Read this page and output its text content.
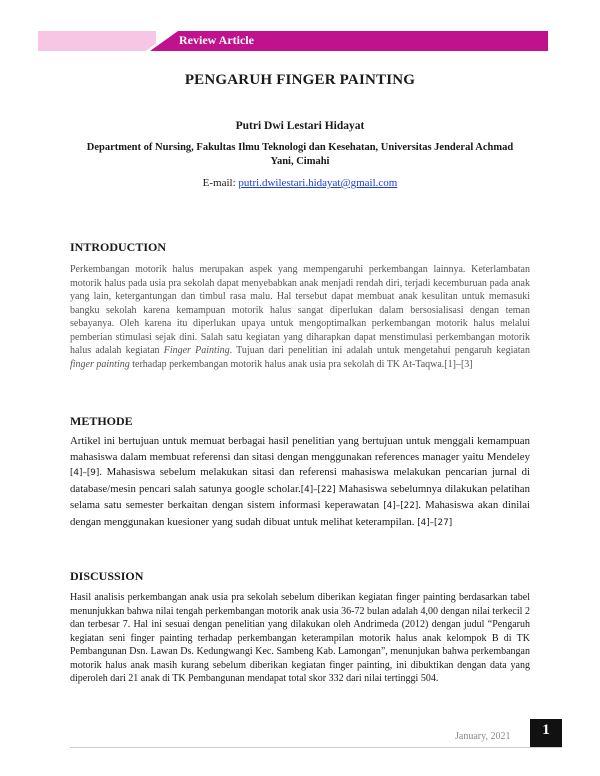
Review Article
PENGARUH FINGER PAINTING
Putri Dwi Lestari Hidayat
Department of Nursing, Fakultas Ilmu Teknologi dan Kesehatan, Universitas Jenderal Achmad Yani, Cimahi
E-mail: putri.dwilestari.hidayat@gmail.com
INTRODUCTION
Perkembangan motorik halus merupakan aspek yang mempengaruhi perkembangan lainnya. Keterlambatan motorik halus pada usia pra sekolah dapat menyebabkan anak menjadi rendah diri, terjadi kecemburuan pada anak yang lain, ketergantungan dan timbul rasa malu. Hal tersebut dapat membuat anak kesulitan untuk memasuki bangku sekolah karena kemampuan motorik halus sangat diperlukan dalam bersosialisasi dengan teman sebayanya. Oleh karena itu diperlukan upaya untuk mengoptimalkan perkembangan motorik halus melalui pemberian stimulasi sejak dini. Salah satu kegiatan yang diharapkan dapat menstimulasi perkembangan motorik halus adalah kegiatan Finger Painting. Tujuan dari penelitian ini adalah untuk mengetahui pengaruh kegiatan finger painting terhadap perkembangan motorik halus anak usia pra sekolah di TK At-Taqwa.[1]–[3]
METHODE
Artikel ini bertujuan untuk memuat berbagai hasil penelitian yang bertujuan untuk menggali kemampuan mahasiswa dalam membuat referensi dan sitasi dengan menggunakan references manager yaitu Mendeley [4]–[9]. Mahasiswa sebelum melakukan sitasi dan referensi mahasiswa melakukan pencarian jurnal di database/mesin pencari salah satunya google scholar.[4]–[22] Mahasiswa sebelumnya dilakukan pelatihan selama satu semester berkaitan dengan sistem informasi keperawatan [4]–[22]. Mahasiswa akan dinilai dengan menggunakan kuesioner yang sudah dibuat untuk melihat keterampilan. [4]–[27]
DISCUSSION
Hasil analisis perkembangan anak usia pra sekolah sebelum diberikan kegiatan finger painting berdasarkan tabel menunjukkan bahwa nilai tengah perkembangan motorik anak usia 36-72 bulan adalah 4,00 dengan nilai terkecil 2 dan terbesar 7. Hal ini sesuai dengan penelitian yang dilakukan oleh Andrimeda (2012) dengan judul “Pengaruh kegiatan seni finger painting terhadap perkembangan keterampilan motorik halus anak kelompok B di TK Pembangunan Dsn. Lawan Ds. Kedungwangi Kec. Sambeng Kab. Lamongan”, menunjukan bahwa perkembangan motorik halus anak masih kurang sebelum diberikan kegiatan finger painting, ini dibuktikan dengan data yang diperoleh dari 21 anak di TK Pembangunan mendapat total skor 332 dari nilai tertinggi 504.
January, 2021	1
